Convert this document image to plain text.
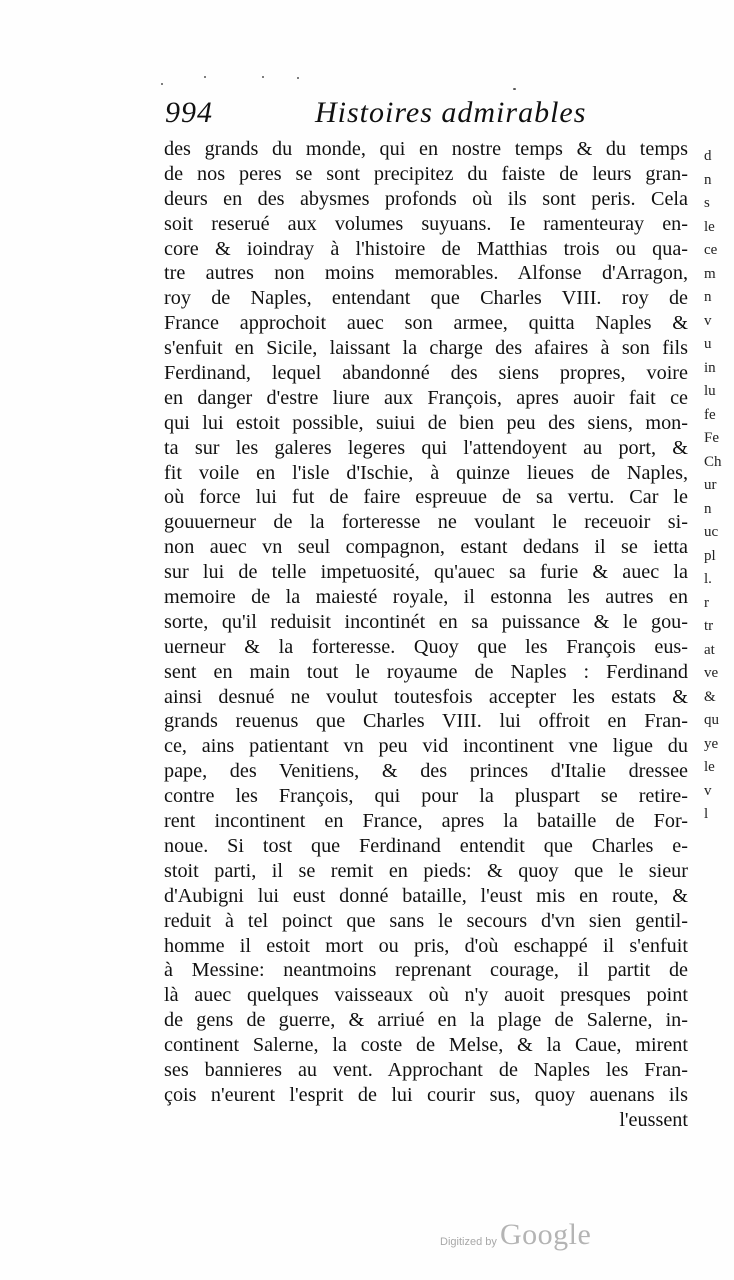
994	Histoires admirables
des grands du monde, qui en nostre temps & du temps
de nos peres se sont precipitez du faiste de leurs gran-
deurs en des abysmes profonds où ils sont peris. Cela
soit reserué aux volumes suyuans. Ie ramenteuray en-
core & ioindray à l'histoire de Matthias trois ou qua-
tre autres non moins memorables. Alfonse d'Arragon,
roy de Naples, entendant que Charles VIII. roy de
France approchoit auec son armee, quitta Naples &
s'enfuit en Sicile, laissant la charge des afaires à son fils
Ferdinand, lequel abandonné des siens propres, voire
en danger d'estre liure aux François, apres auoir fait ce
qui lui estoit possible, suiui de bien peu des siens, mon-
ta sur les galeres legeres qui l'attendoyent au port, &
fit voile en l'isle d'Ischie, à quinze lieues de Naples,
où force lui fut de faire espreuue de sa vertu. Car le
gouuerneur de la forteresse ne voulant le receuoir si-
non auec vn seul compagnon, estant dedans il se ietta
sur lui de telle impetuosité, qu'auec sa furie & auec la
memoire de la maiesté royale, il estonna les autres en
sorte, qu'il reduisit incontinét en sa puissance & le gou-
uerneur & la forteresse. Quoy que les François eus-
sent en main tout le royaume de Naples : Ferdinand
ainsi desnué ne voulut toutesfois accepter les estats &
grands reuenus que Charles VIII. lui offroit en Fran-
ce, ains patientant vn peu vid incontinent vne ligue du
pape, des Venitiens, & des princes d'Italie dressee
contre les François, qui pour la pluspart se retire-
rent incontinent en France, apres la bataille de For-
noue. Si tost que Ferdinand entendit que Charles e-
stoit parti, il se remit en pieds: & quoy que le sieur
d'Aubigni lui eust donné bataille, l'eust mis en route, &
reduit à tel poinct que sans le secours d'vn sien gentil-
homme il estoit mort ou pris, d'où eschappé il s'enfuit
à Messine: neantmoins reprenant courage, il partit de
là auec quelques vaisseaux où n'y auoit presques point
de gens de guerre, & arriué en la plage de Salerne, in-
continent Salerne, la coste de Melse, & la Caue, mirent
ses bannieres au vent. Approchant de Naples les Fran-
çois n'eurent l'esprit de lui courir sus, quoy auenans ils
l'eussent
d
n
s
le
ce
m
n
v
u
in
lu
fe
Fe
Ch
ur
n
uc
pl
l.
r
tr
at
ve
&
qu
ye
le
v
l
Digitized by Google
